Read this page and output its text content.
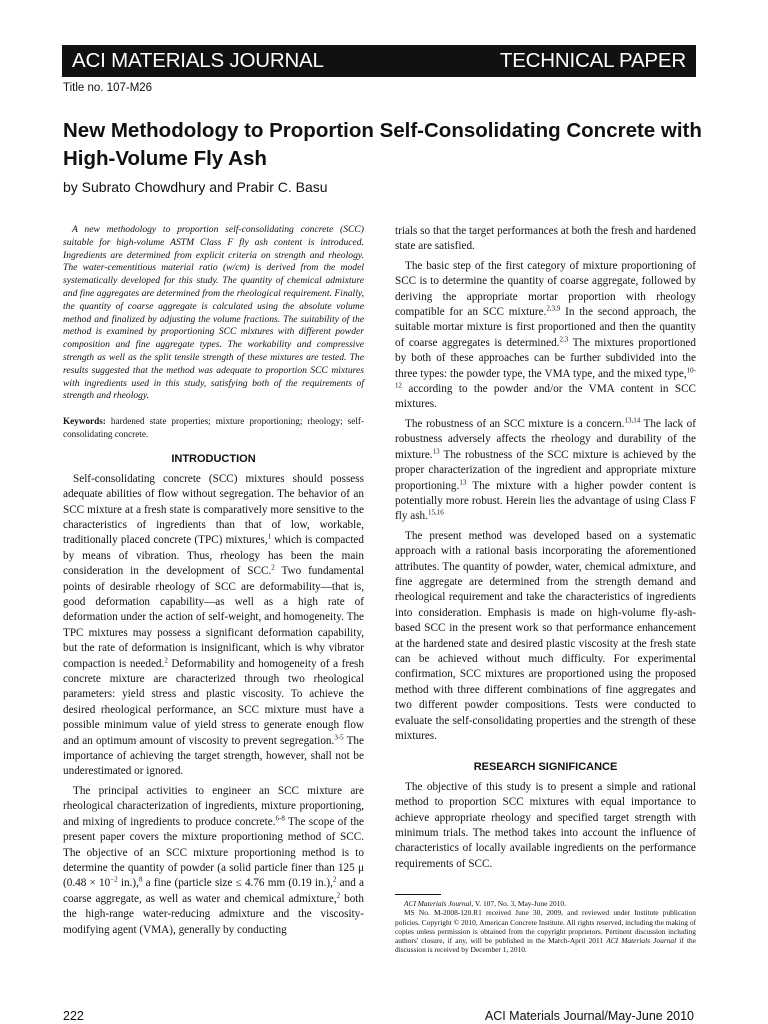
ACI MATERIALS JOURNAL	TECHNICAL PAPER
Title no. 107-M26
New Methodology to Proportion Self-Consolidating Concrete with High-Volume Fly Ash
by Subrato Chowdhury and Prabir C. Basu

A new methodology to proportion self-consolidating concrete (SCC) suitable for high-volume ASTM Class F fly ash content is introduced. Ingredients are determined from explicit criteria on strength and rheology. The water-cementitious material ratio (w/cm) is derived from the model systematically developed for this study. The quantity of chemical admixture and fine aggregates are determined from the rheological requirement. Finally, the quantity of coarse aggregate is calculated using the absolute volume method and finalized by adjusting the volume fractions. The suitability of the method is examined by proportioning SCC mixtures with different powder composition and fine aggregate types. The workability and compressive strength as well as the split tensile strength of these mixtures are tested. The results suggested that the method was adequate to proportion SCC mixtures with ingredients used in this study, satisfying both of the requirements of strength and rheology.

Keywords: hardened state properties; mixture proportioning; rheology; self-consolidating concrete.

INTRODUCTION

Self-consolidating concrete (SCC) mixtures should possess adequate abilities of flow without segregation. The behavior of an SCC mixture at a fresh state is comparatively more sensitive to the characteristics of ingredients than that of low, workable, traditionally placed concrete (TPC) mixtures,$^1$ which is compacted by means of vibration. Thus, rheology has been the main consideration in the development of SCC.$^2$ Two fundamental points of desirable rheology of SCC are deformability—that is, good deformation capability—as well as a high rate of deformation under the action of self-weight, and homogeneity. The TPC mixtures may possess a significant deformation capability, but the rate of deformation is insignificant, which is why vibrator compaction is needed.$^2$ Deformability and homogeneity of a fresh concrete mixture are characterized through two rheological parameters: yield stress and plastic viscosity. To achieve the desired rheological performance, an SCC mixture must have a possible minimum value of yield stress to generate enough flow and an optimum amount of viscosity to prevent segregation.$^{3-5}$ The importance of achieving the target strength, however, shall not be underestimated or ignored.

The principal activities to engineer an SCC mixture are rheological characterization of ingredients, mixture proportioning, and mixing of ingredients to produce concrete.$^{6-8}$ The scope of the present paper covers the mixture proportioning method of SCC. The objective of an SCC mixture proportioning method is to determine the quantity of powder (a solid particle finer than 125 μ ($0.48 \times 10^{-2}$ in.),$^8$ a fine (particle size ≤ 4.76 mm (0.19 in.),$^2$ and a coarse aggregate, as well as water and chemical admixture,$^2$ both the high-range water-reducing admixture and the viscosity-modifying agent (VMA), generally by conducting

trials so that the target performances at both the fresh and hardened state are satisfied.

The basic step of the first category of mixture proportioning of SCC is to determine the quantity of coarse aggregate, followed by deriving the appropriate mortar proportion with rheology compatible for an SCC mixture.$^{2,3,9}$ In the second approach, the suitable mortar mixture is first proportioned and then the quantity of coarse aggregates is determined.$^{2,3}$ The mixtures proportioned by both of these approaches can be further subdivided into the three types: the powder type, the VMA type, and the mixed type,$^{10-12}$ according to the powder and/or the VMA content in SCC mixtures.

The robustness of an SCC mixture is a concern.$^{13,14}$ The lack of robustness adversely affects the rheology and durability of the mixture.$^{13}$ The robustness of the SCC mixture is achieved by the proper characterization of the ingredient and appropriate mixture proportioning.$^{13}$ The mixture with a higher powder content is potentially more robust. Herein lies the advantage of using Class F fly ash.$^{15,16}$

The present method was developed based on a systematic approach with a rational basis incorporating the aforementioned attributes. The quantity of powder, water, chemical admixture, and fine aggregate are determined from the strength demand and rheological requirement and take the characteristics of ingredients into consideration. Emphasis is made on high-volume fly-ash-based SCC in the present work so that performance enhancement at the hardened state and desired plastic viscosity at the fresh state can be achieved without much difficulty. For experimental confirmation, SCC mixtures are proportioned using the proposed method with three different combinations of fine aggregates and two different powder compositions. Tests were conducted to evaluate the self-consolidating properties and the strength of these mixtures.

RESEARCH SIGNIFICANCE

The objective of this study is to present a simple and rational method to proportion SCC mixtures with equal importance to achieve appropriate rheology and specified target strength with minimum trials. The method takes into account the influence of characteristics of locally available ingredients on the performance requirements of SCC.

ACI Materials Journal, V. 107, No. 3, May-June 2010.

MS No. M-2008-120.R1 received June 30, 2009, and reviewed under Institute publication policies. Copyright © 2010, American Concrete Institute. All rights reserved, including the making of copies unless permission is obtained from the copyright proprietors. Pertinent discussion including authors' closure, if any, will be published in the March-April 2011 ACI Materials Journal if the discussion is received by December 1, 2010.

222	ACI Materials Journal/May-June 2010
